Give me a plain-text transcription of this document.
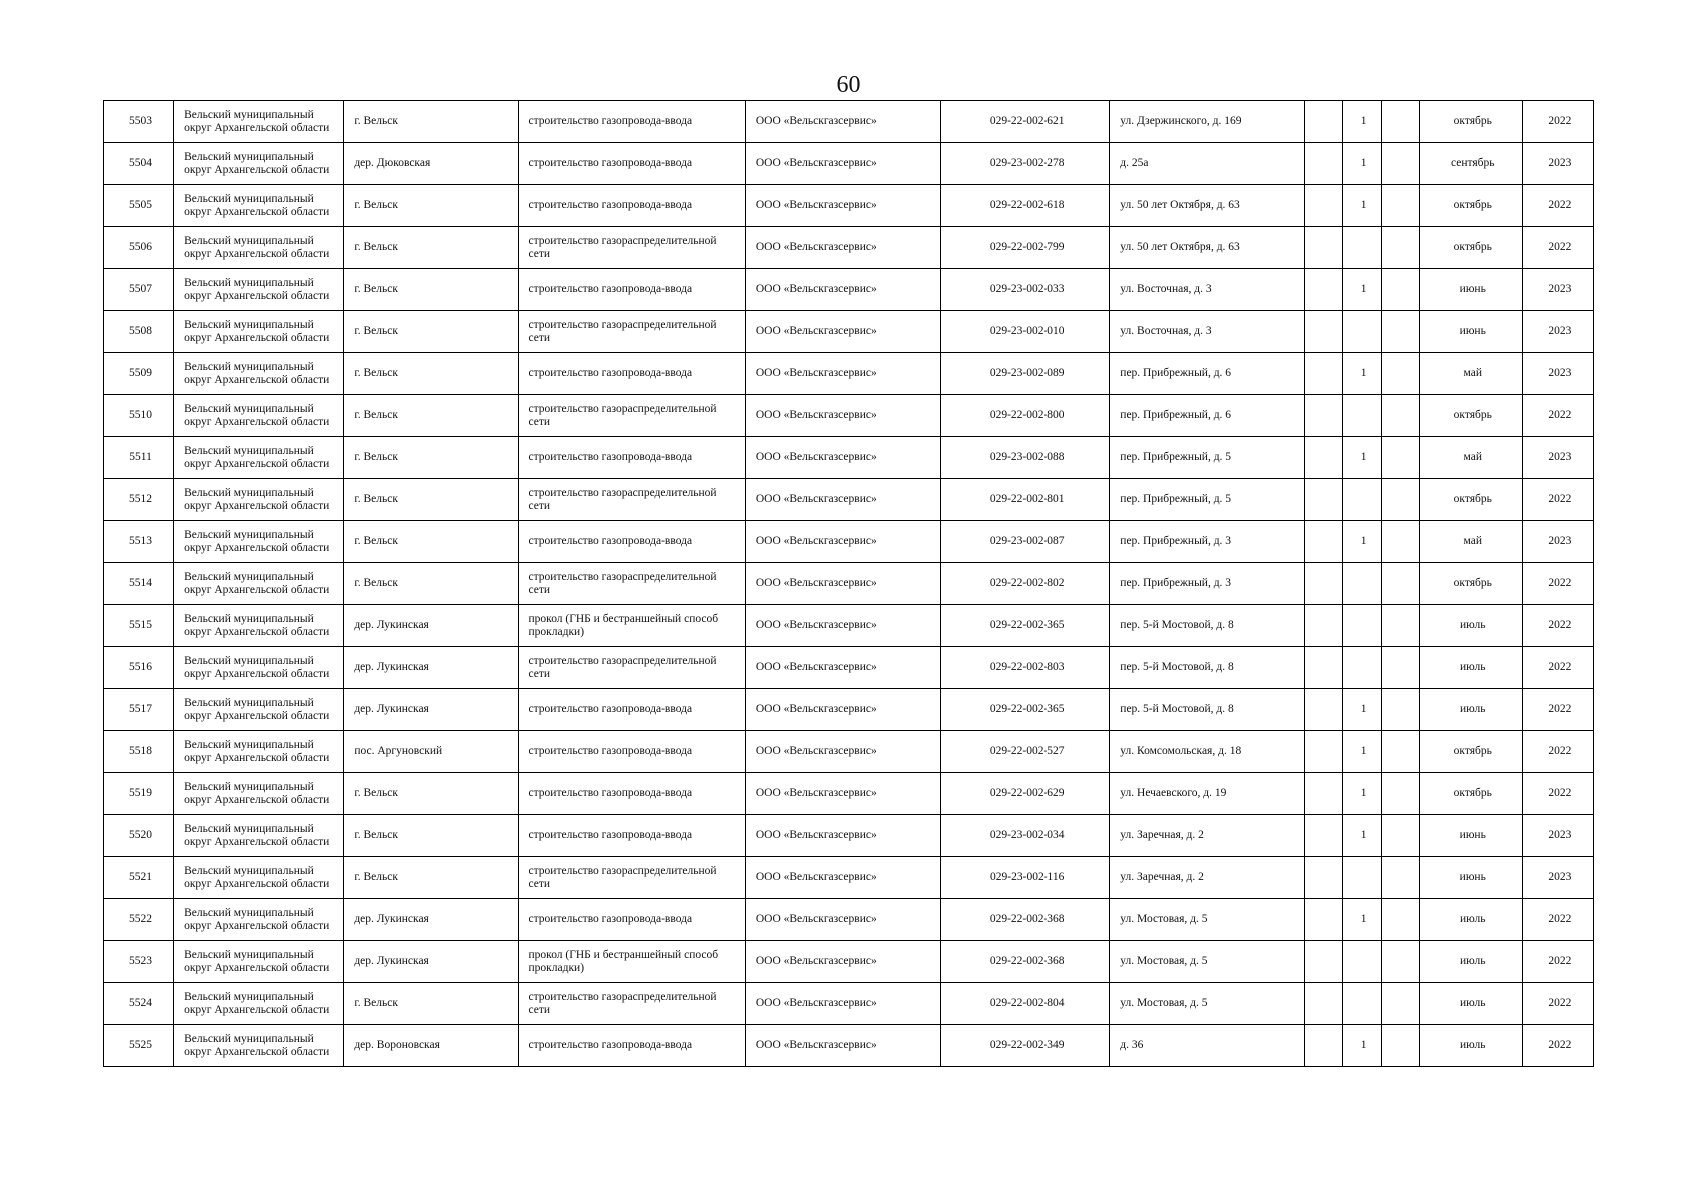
60
5503	Вельский муниципальный округ Архангельской области	г. Вельск	строительство газопровода-ввода	ООО «Вельскгазсервис»	029-22-002-621	ул. Дзержинского, д. 169		1		октябрь	2022
5504	Вельский муниципальный округ Архангельской области	дер. Дюковская	строительство газопровода-ввода	ООО «Вельскгазсервис»	029-23-002-278	д. 25а		1		сентябрь	2023
5505	Вельский муниципальный округ Архангельской области	г. Вельск	строительство газопровода-ввода	ООО «Вельскгазсервис»	029-22-002-618	ул. 50 лет Октября, д. 63		1		октябрь	2022
5506	Вельский муниципальный округ Архангельской области	г. Вельск	строительство газораспределительной сети	ООО «Вельскгазсервис»	029-22-002-799	ул. 50 лет Октября, д. 63				октябрь	2022
5507	Вельский муниципальный округ Архангельской области	г. Вельск	строительство газопровода-ввода	ООО «Вельскгазсервис»	029-23-002-033	ул. Восточная, д. 3		1		июнь	2023
5508	Вельский муниципальный округ Архангельской области	г. Вельск	строительство газораспределительной сети	ООО «Вельскгазсервис»	029-23-002-010	ул. Восточная, д. 3				июнь	2023
5509	Вельский муниципальный округ Архангельской области	г. Вельск	строительство газопровода-ввода	ООО «Вельскгазсервис»	029-23-002-089	пер. Прибрежный, д. 6		1		май	2023
5510	Вельский муниципальный округ Архангельской области	г. Вельск	строительство газораспределительной сети	ООО «Вельскгазсервис»	029-22-002-800	пер. Прибрежный, д. 6				октябрь	2022
5511	Вельский муниципальный округ Архангельской области	г. Вельск	строительство газопровода-ввода	ООО «Вельскгазсервис»	029-23-002-088	пер. Прибрежный, д. 5		1		май	2023
5512	Вельский муниципальный округ Архангельской области	г. Вельск	строительство газораспределительной сети	ООО «Вельскгазсервис»	029-22-002-801	пер. Прибрежный, д. 5				октябрь	2022
5513	Вельский муниципальный округ Архангельской области	г. Вельск	строительство газопровода-ввода	ООО «Вельскгазсервис»	029-23-002-087	пер. Прибрежный, д. 3		1		май	2023
5514	Вельский муниципальный округ Архангельской области	г. Вельск	строительство газораспределительной сети	ООО «Вельскгазсервис»	029-22-002-802	пер. Прибрежный, д. 3				октябрь	2022
5515	Вельский муниципальный округ Архангельской области	дер. Лукинская	прокол (ГНБ и бестраншейный способ прокладки)	ООО «Вельскгазсервис»	029-22-002-365	пер. 5-й Мостовой, д. 8				июль	2022
5516	Вельский муниципальный округ Архангельской области	дер. Лукинская	строительство газораспределительной сети	ООО «Вельскгазсервис»	029-22-002-803	пер. 5-й Мостовой, д. 8				июль	2022
5517	Вельский муниципальный округ Архангельской области	дер. Лукинская	строительство газопровода-ввода	ООО «Вельскгазсервис»	029-22-002-365	пер. 5-й Мостовой, д. 8		1		июль	2022
5518	Вельский муниципальный округ Архангельской области	пос. Аргуновский	строительство газопровода-ввода	ООО «Вельскгазсервис»	029-22-002-527	ул. Комсомольская, д. 18		1		октябрь	2022
5519	Вельский муниципальный округ Архангельской области	г. Вельск	строительство газопровода-ввода	ООО «Вельскгазсервис»	029-22-002-629	ул. Нечаевского, д. 19		1		октябрь	2022
5520	Вельский муниципальный округ Архангельской области	г. Вельск	строительство газопровода-ввода	ООО «Вельскгазсервис»	029-23-002-034	ул. Заречная, д. 2		1		июнь	2023
5521	Вельский муниципальный округ Архангельской области	г. Вельск	строительство газораспределительной сети	ООО «Вельскгазсервис»	029-23-002-116	ул. Заречная, д. 2				июнь	2023
5522	Вельский муниципальный округ Архангельской области	дер. Лукинская	строительство газопровода-ввода	ООО «Вельскгазсервис»	029-22-002-368	ул. Мостовая, д. 5		1		июль	2022
5523	Вельский муниципальный округ Архангельской области	дер. Лукинская	прокол (ГНБ и бестраншейный способ прокладки)	ООО «Вельскгазсервис»	029-22-002-368	ул. Мостовая, д. 5				июль	2022
5524	Вельский муниципальный округ Архангельской области	г. Вельск	строительство газораспределительной сети	ООО «Вельскгазсервис»	029-22-002-804	ул. Мостовая, д. 5				июль	2022
5525	Вельский муниципальный округ Архангельской области	дер. Вороновская	строительство газопровода-ввода	ООО «Вельскгазсервис»	029-22-002-349	д. 36		1		июль	2022
